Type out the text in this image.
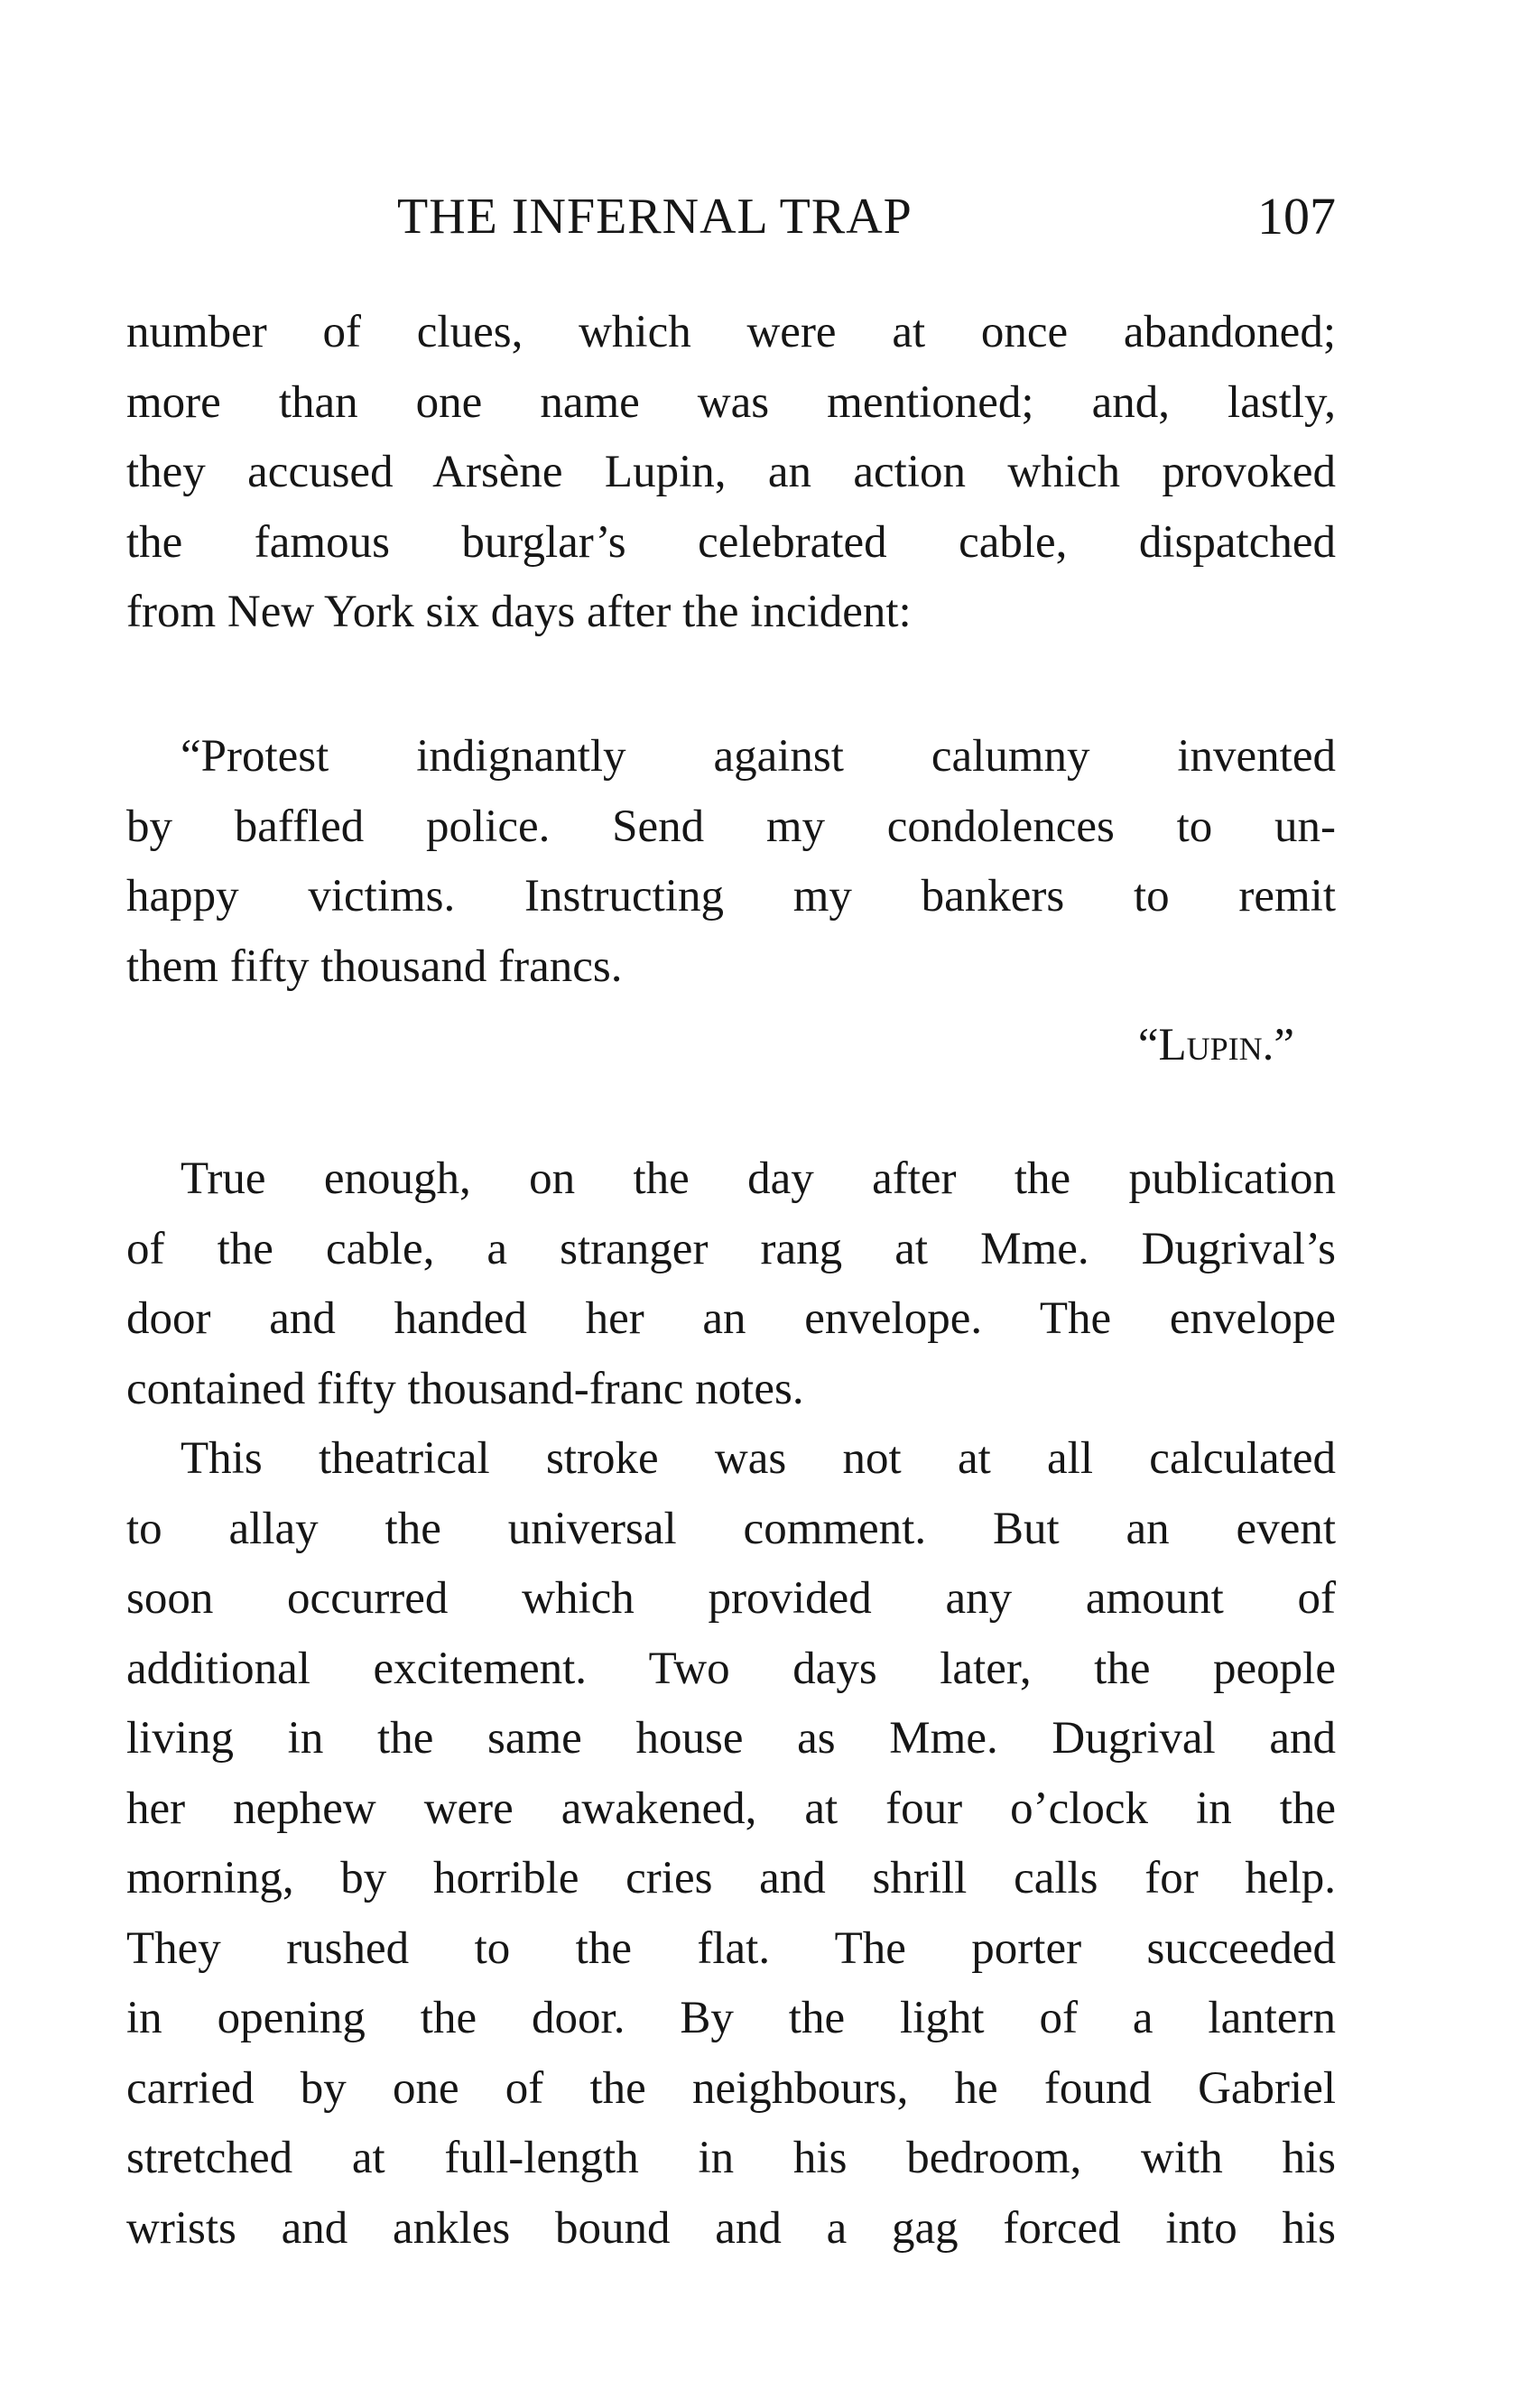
THE INFERNAL TRAP	107

number of clues, which were at once abandoned;
more than one name was mentioned; and, lastly,
they accused Arsène Lupin, an action which provoked
the famous burglar’s celebrated cable, dispatched
from New York six days after the incident:

“Protest indignantly against calumny invented
by baffled police. Send my condolences to un-
happy victims. Instructing my bankers to remit
them fifty thousand francs.

“Lupin.”

True enough, on the day after the publication
of the cable, a stranger rang at Mme. Dugrival’s
door and handed her an envelope. The envelope
contained fifty thousand-franc notes.

This theatrical stroke was not at all calculated
to allay the universal comment. But an event
soon occurred which provided any amount of
additional excitement. Two days later, the people
living in the same house as Mme. Dugrival and
her nephew were awakened, at four o’clock in the
morning, by horrible cries and shrill calls for help.
They rushed to the flat. The porter succeeded
in opening the door. By the light of a lantern
carried by one of the neighbours, he found Gabriel
stretched at full-length in his bedroom, with his
wrists and ankles bound and a gag forced into his
